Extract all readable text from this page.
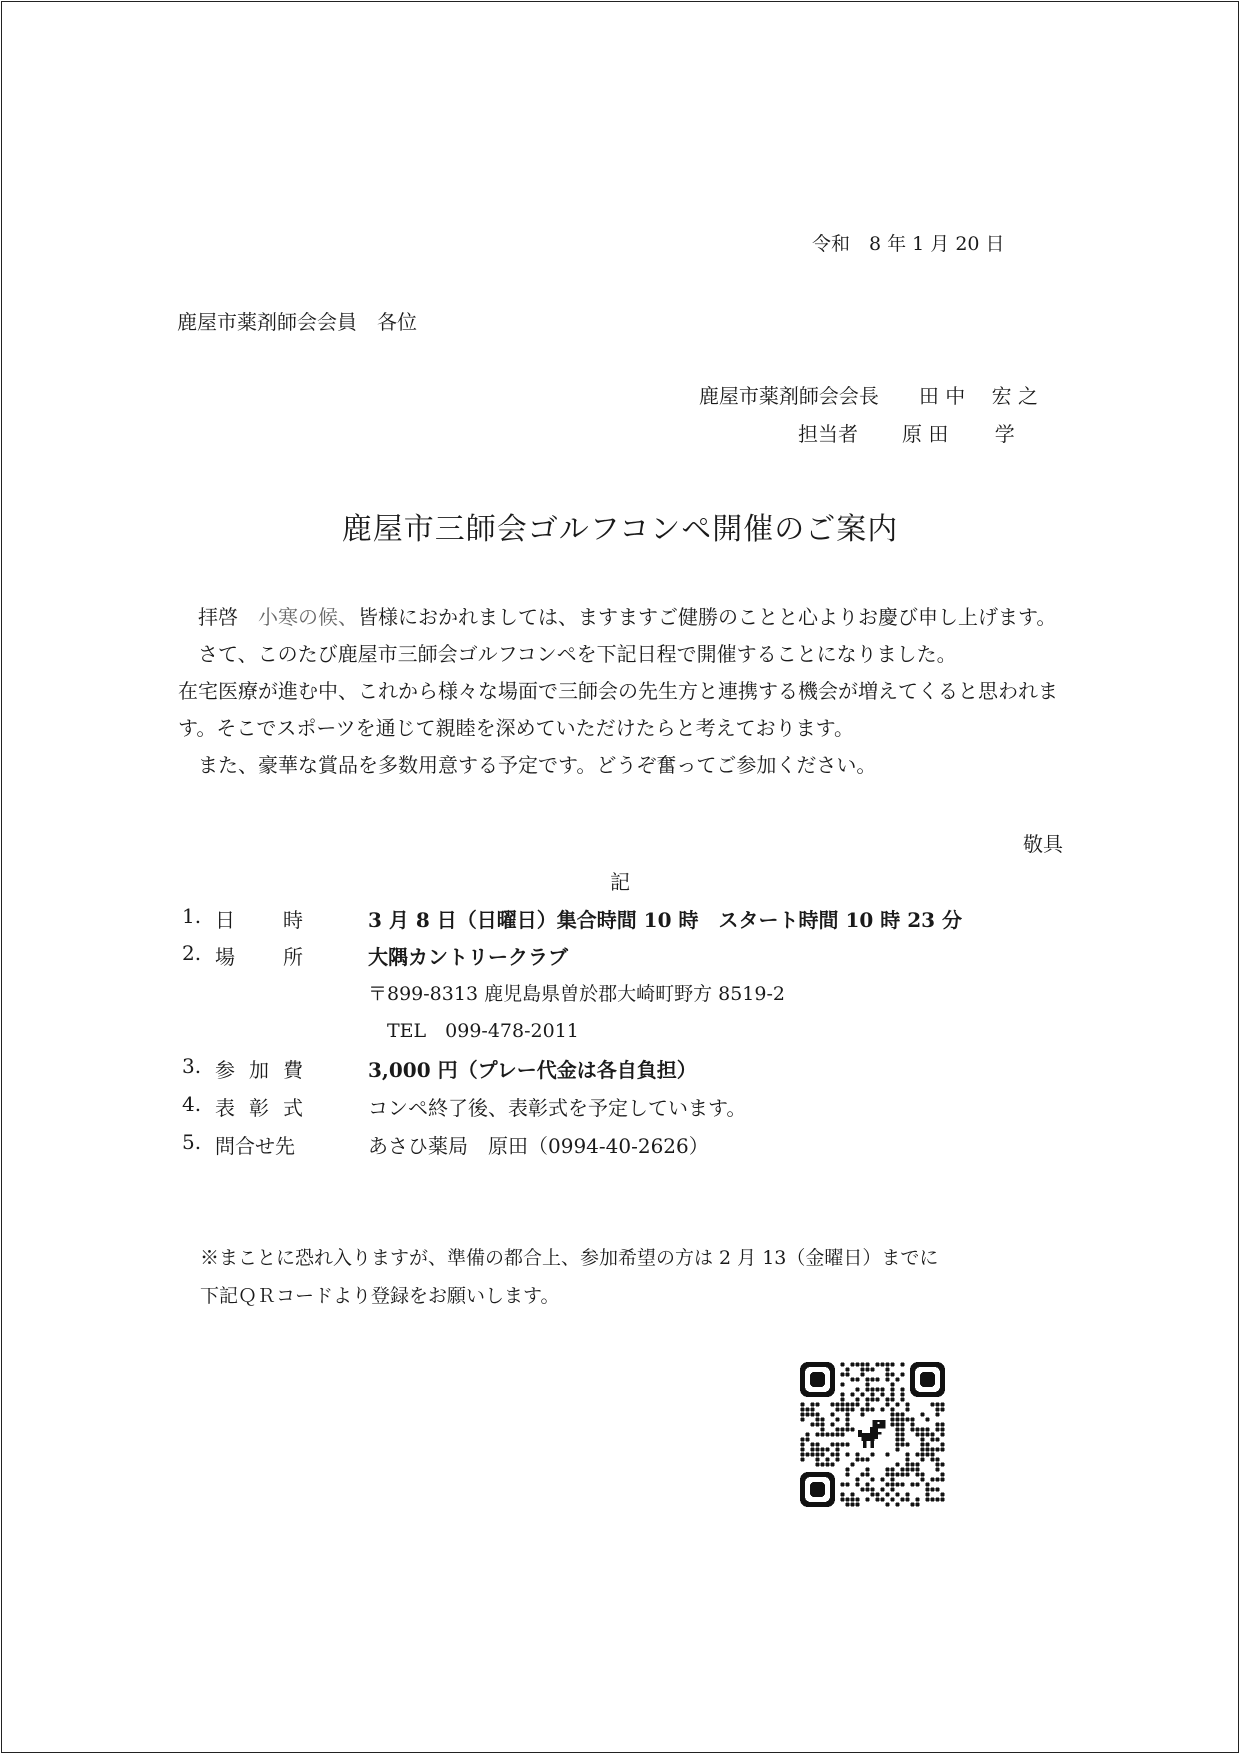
令和　8 年 1 月 20 日
鹿屋市薬剤師会会員　各位
鹿屋市薬剤師会会長 田 中　 宏 之
担当者 原 田　　 学
鹿屋市三師会ゴルフコンペ開催のご案内

拝啓　小寒の候、皆様におかれましては、ますますご健勝のことと心よりお慶び申し上げます。

さて、このたび鹿屋市三師会ゴルフコンペを下記日程で開催することになりました。

在宅医療が進む中、これから様々な場面で三師会の先生方と連携する機会が増えてくると思われます。そこでスポーツを通じて親睦を深めていただけたらと考えております。

また、豪華な賞品を多数用意する予定です。どうぞ奮ってご参加ください。

敬具
記
1. 日 時	3 月 8 日（日曜日）集合時間 10 時　スタート時間 10 時 23 分
2. 場 所	大隅カントリークラブ
〒899-8313 鹿児島県曽於郡大崎町野方 8519-2
　TEL　099-478-2011
3. 参 加 費	3,000 円（プレー代金は各自負担）
4. 表 彰 式	コンペ終了後、表彰式を予定しています。
5. 問合せ先	あさひ薬局　原田（0994-40-2626）
※まことに恐れ入りますが、準備の都合上、参加希望の方は 2 月 13（金曜日）までに
下記ＱＲコードより登録をお願いします。
